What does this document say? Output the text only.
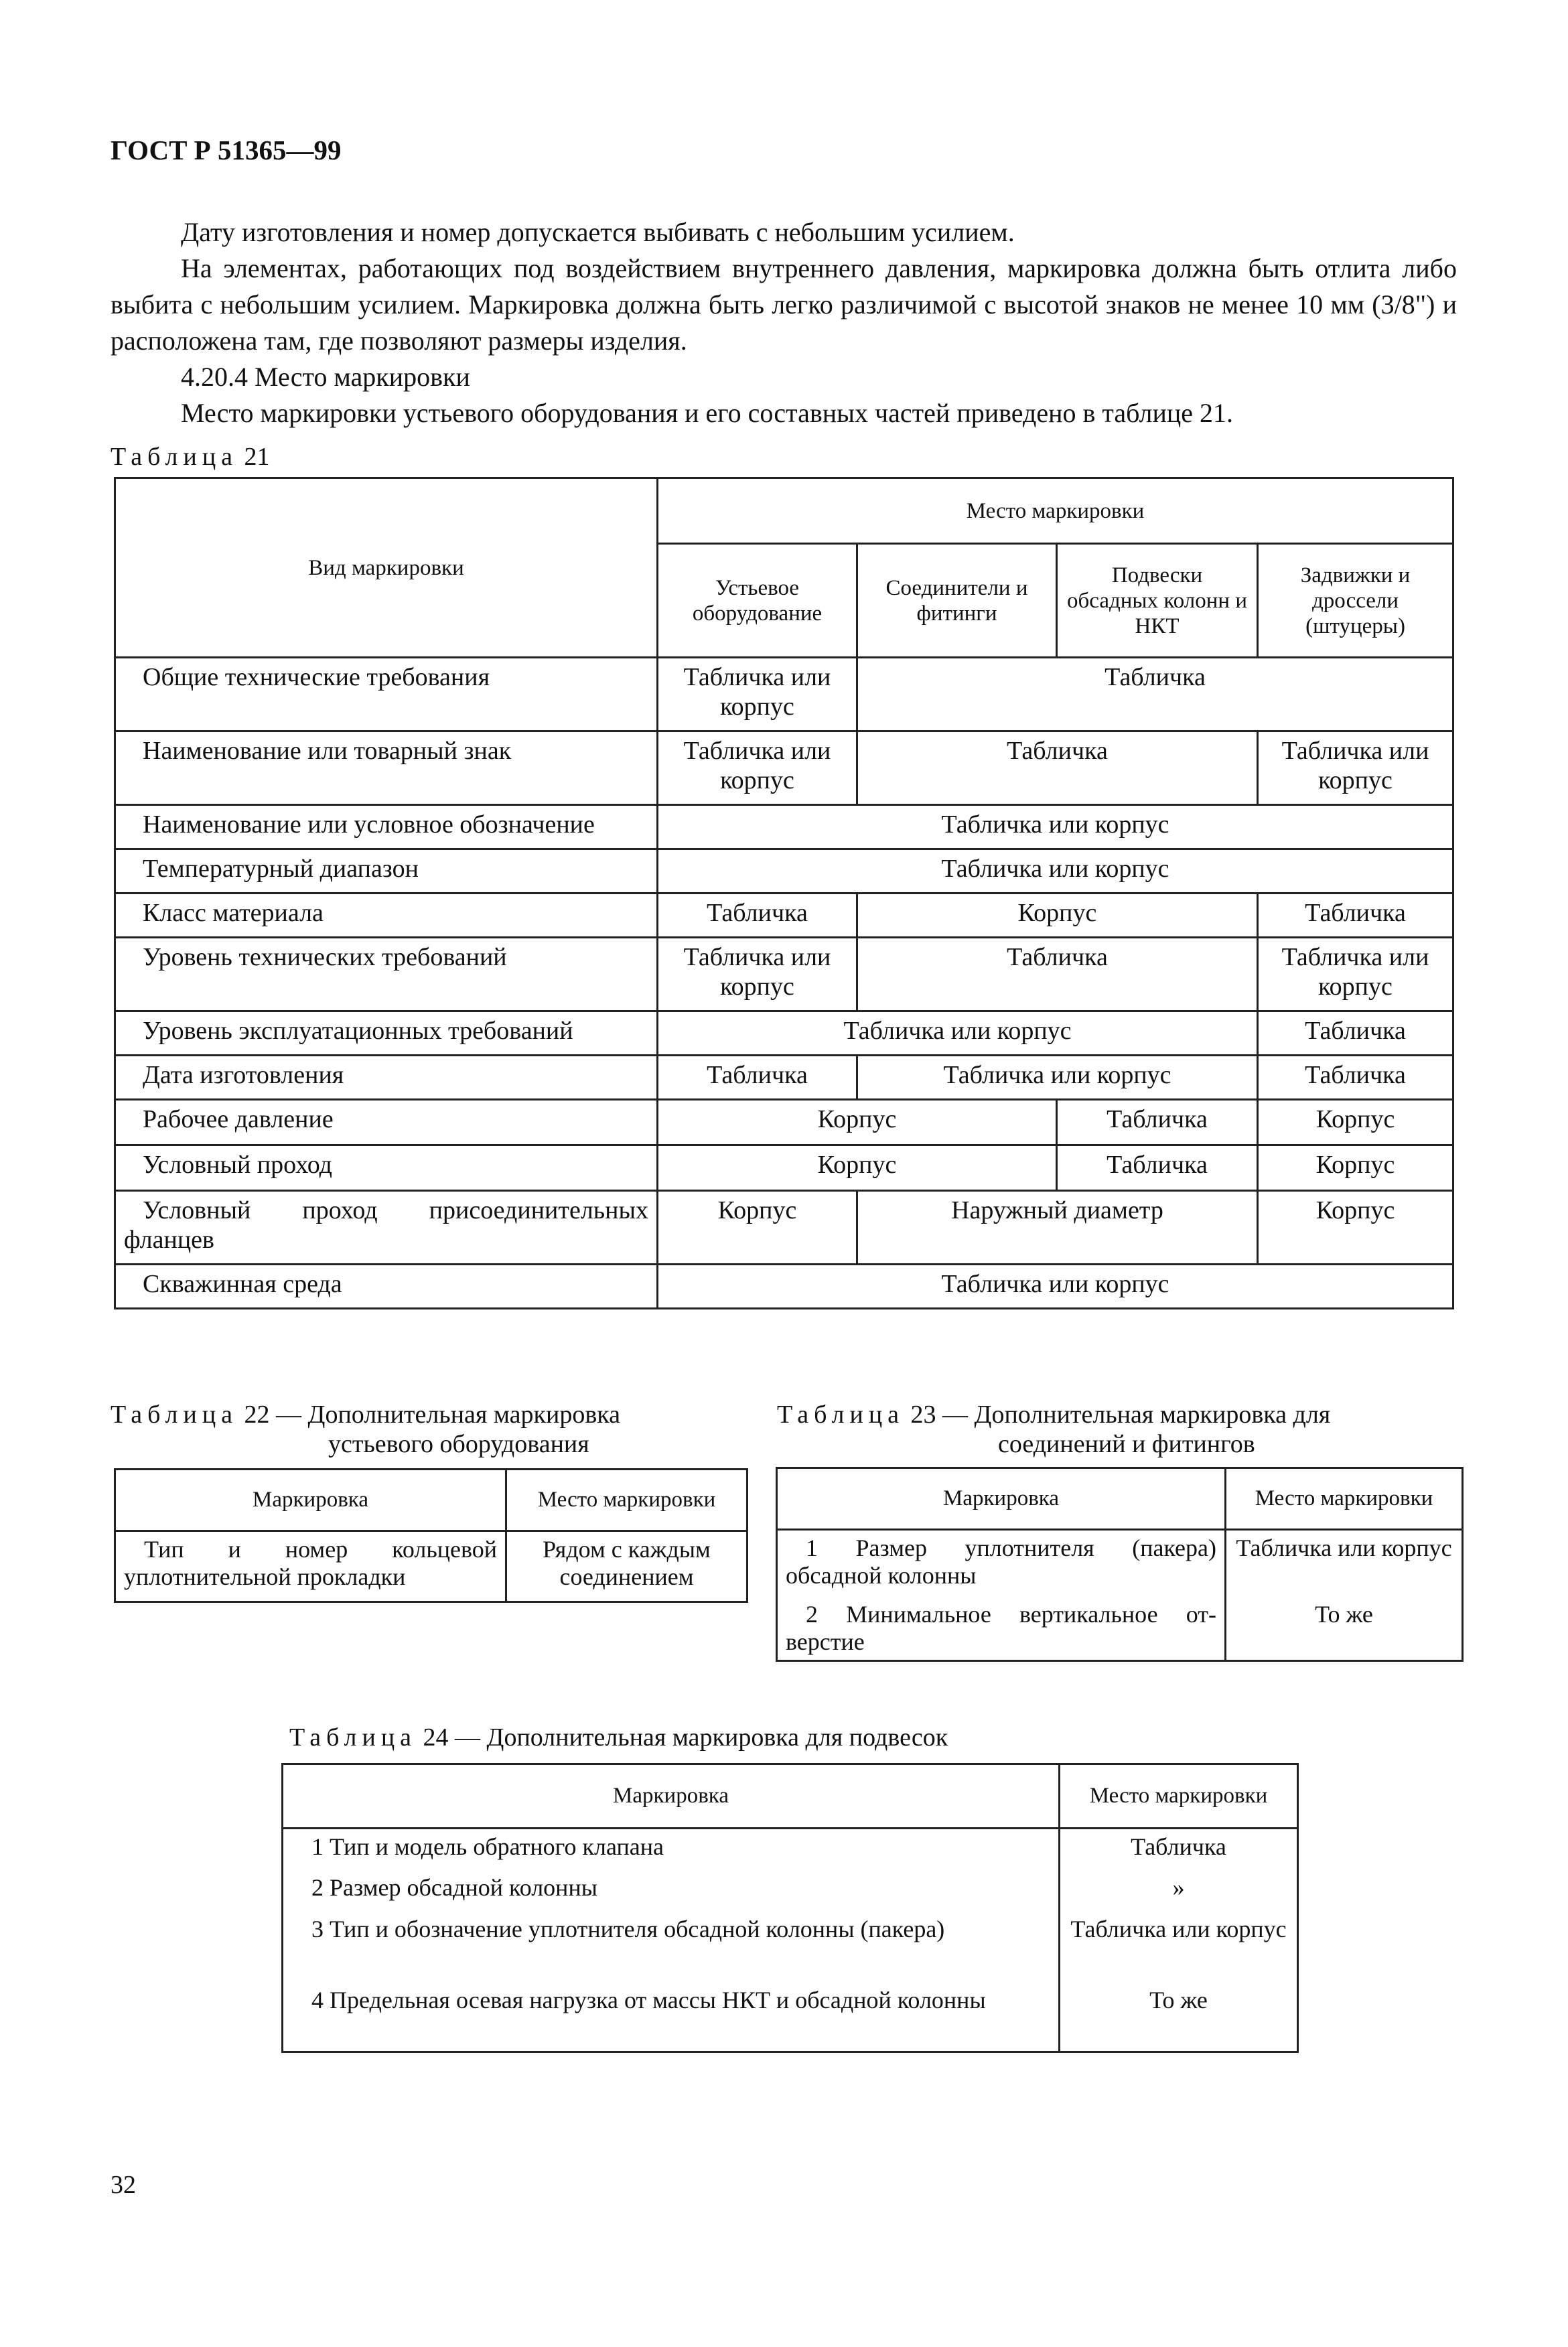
ГОСТ Р 51365—99
Дату изготовления и номер допускается выбивать с небольшим усилием.
На элементах, работающих под воздействием внутреннего давления, маркировка должна быть отлита либо выбита с небольшим усилием. Маркировка должна быть легко различимой с высотой знаков не менее 10 мм (3/8") и расположена там, где позволяют размеры изделия.
4.20.4 Место маркировки
Место маркировки устьевого оборудования и его составных частей приведено в таблице 21.
Таблица 21
Вид маркировки	Место маркировки			
	Устьевое оборудование	Соединители и фитинги	Подвески обсадных колонн и НКТ	Задвижки и дроссели (штуцеры)
Общие технические требования	Табличка или корпус	Табличка		
Наименование или товарный знак	Табличка или корпус	Табличка		Табличка или корпус
Наименование или условное обозначение	Табличка или корпус			
Температурный диапазон	Табличка или корпус			
Класс материала	Табличка	Корпус		Табличка
Уровень технических требований	Табличка или корпус	Табличка		Табличка или корпус
Уровень эксплуатационных требований	Табличка или корпус			Табличка
Дата изготовления	Табличка	Табличка или корпус		Табличка
Рабочее давление	Корпус		Табличка	Корпус
Условный проход	Корпус		Табличка	Корпус
Условный проход присоединительных фланцев	Корпус	Наружный диаметр		Корпус
Скважинная среда	Табличка или корпус			
Таблица 22 — Дополнительная маркировка
устьевого оборудования
Маркировка	Место маркировки
Тип и номер кольцевой уплотнительной прокладки	Рядом с каждым соединением
Таблица 23 — Дополнительная маркировка для
соединений и фитингов
Маркировка	Место маркировки
1 Размер уплотнителя (пакера) обсадной колонны	Табличка или корпус
2 Минимальное вертикальное от- верстие	То же
Таблица 24 — Дополнительная маркировка для подвесок
Маркировка	Место маркировки
1 Тип и модель обратного клапана	Табличка
2 Размер обсадной колонны	»
3 Тип и обозначение уплотнителя обсадной колонны (пакера)	Табличка или корпус
4 Предельная осевая нагрузка от массы НКТ и обсадной колонны	То же
32
